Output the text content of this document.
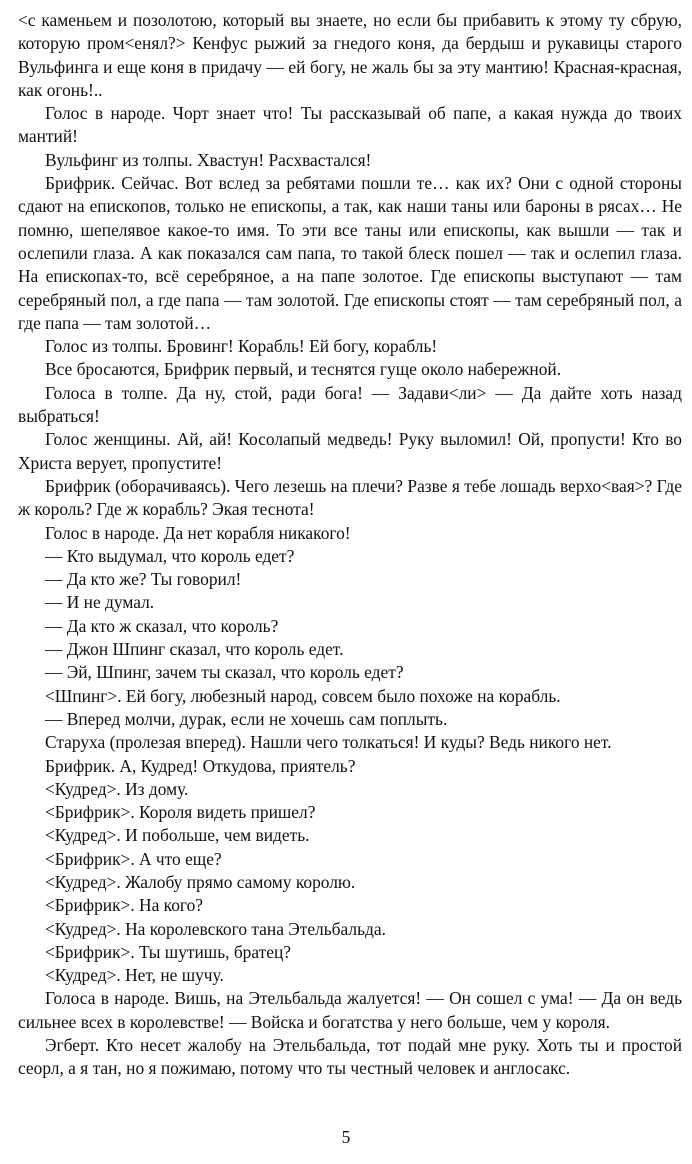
<с каменьем и позолотою, который вы знаете, но если бы прибавить к этому ту сбрую, которую пром<енял?> Кенфус рыжий за гнедого коня, да бердыш и рукавицы старого Вульфинга и еще коня в придачу — ей богу, не жаль бы за эту мантию! Красная-красная, как огонь!..

Голос в народе. Чорт знает что! Ты рассказывай об папе, а какая нужда до твоих мантий!

Вульфинг из толпы. Хвастун! Расхвастался!

Брифрик. Сейчас. Вот вслед за ребятами пошли те… как их? Они с одной стороны сдают на епископов, только не епископы, а так, как наши таны или бароны в рясах… Не помню, шепелявое какое-то имя. То эти все таны или епископы, как вышли — так и ослепили глаза. А как показался сам папа, то такой блеск пошел — так и ослепил глаза. На епископах-то, всё серебряное, а на папе золотое. Где епископы выступают — там серебряный пол, а где папа — там золотой. Где епископы стоят — там серебряный пол, а где папа — там золотой…

Голос из толпы. Бровинг! Корабль! Ей богу, корабль!

Все бросаются, Брифрик первый, и теснятся гуще около набережной.

Голоса в толпе. Да ну, стой, ради бога! — Задави<ли> — Да дайте хоть назад выбраться!

Голос женщины. Ай, ай! Косолапый медведь! Руку выломил! Ой, пропусти! Кто во Христа верует, пропустите!

Брифрик (оборачиваясь). Чего лезешь на плечи? Разве я тебе лошадь верхо<вая>? Где ж король? Где ж корабль? Экая теснота!

Голос в народе. Да нет корабля никакого!

— Кто выдумал, что король едет?

— Да кто же? Ты говорил!

— И не думал.

— Да кто ж сказал, что король?

— Джон Шпинг сказал, что король едет.

— Эй, Шпинг, зачем ты сказал, что король едет?

<Шпинг>. Ей богу, любезный народ, совсем было похоже на корабль.

— Вперед молчи, дурак, если не хочешь сам поплыть.

Старуха (пролезая вперед). Нашли чего толкаться! И куды? Ведь никого нет.

Брифрик. А, Кудред! Откудова, приятель?

<Кудред>. Из дому.

<Брифрик>. Короля видеть пришел?

<Кудред>. И побольше, чем видеть.

<Брифрик>. А что еще?

<Кудред>. Жалобу прямо самому королю.

<Брифрик>. На кого?

<Кудред>. На королевского тана Этельбальда.

<Брифрик>. Ты шутишь, братец?

<Кудред>. Нет, не шучу.

Голоса в народе. Вишь, на Этельбальда жалуется! — Он сошел с ума! — Да он ведь сильнее всех в королевстве! — Войска и богатства у него больше, чем у короля.

Эгберт. Кто несет жалобу на Этельбальда, тот подай мне руку. Хоть ты и простой сеорл, а я тан, но я пожимаю, потому что ты честный человек и англосакс.

5
